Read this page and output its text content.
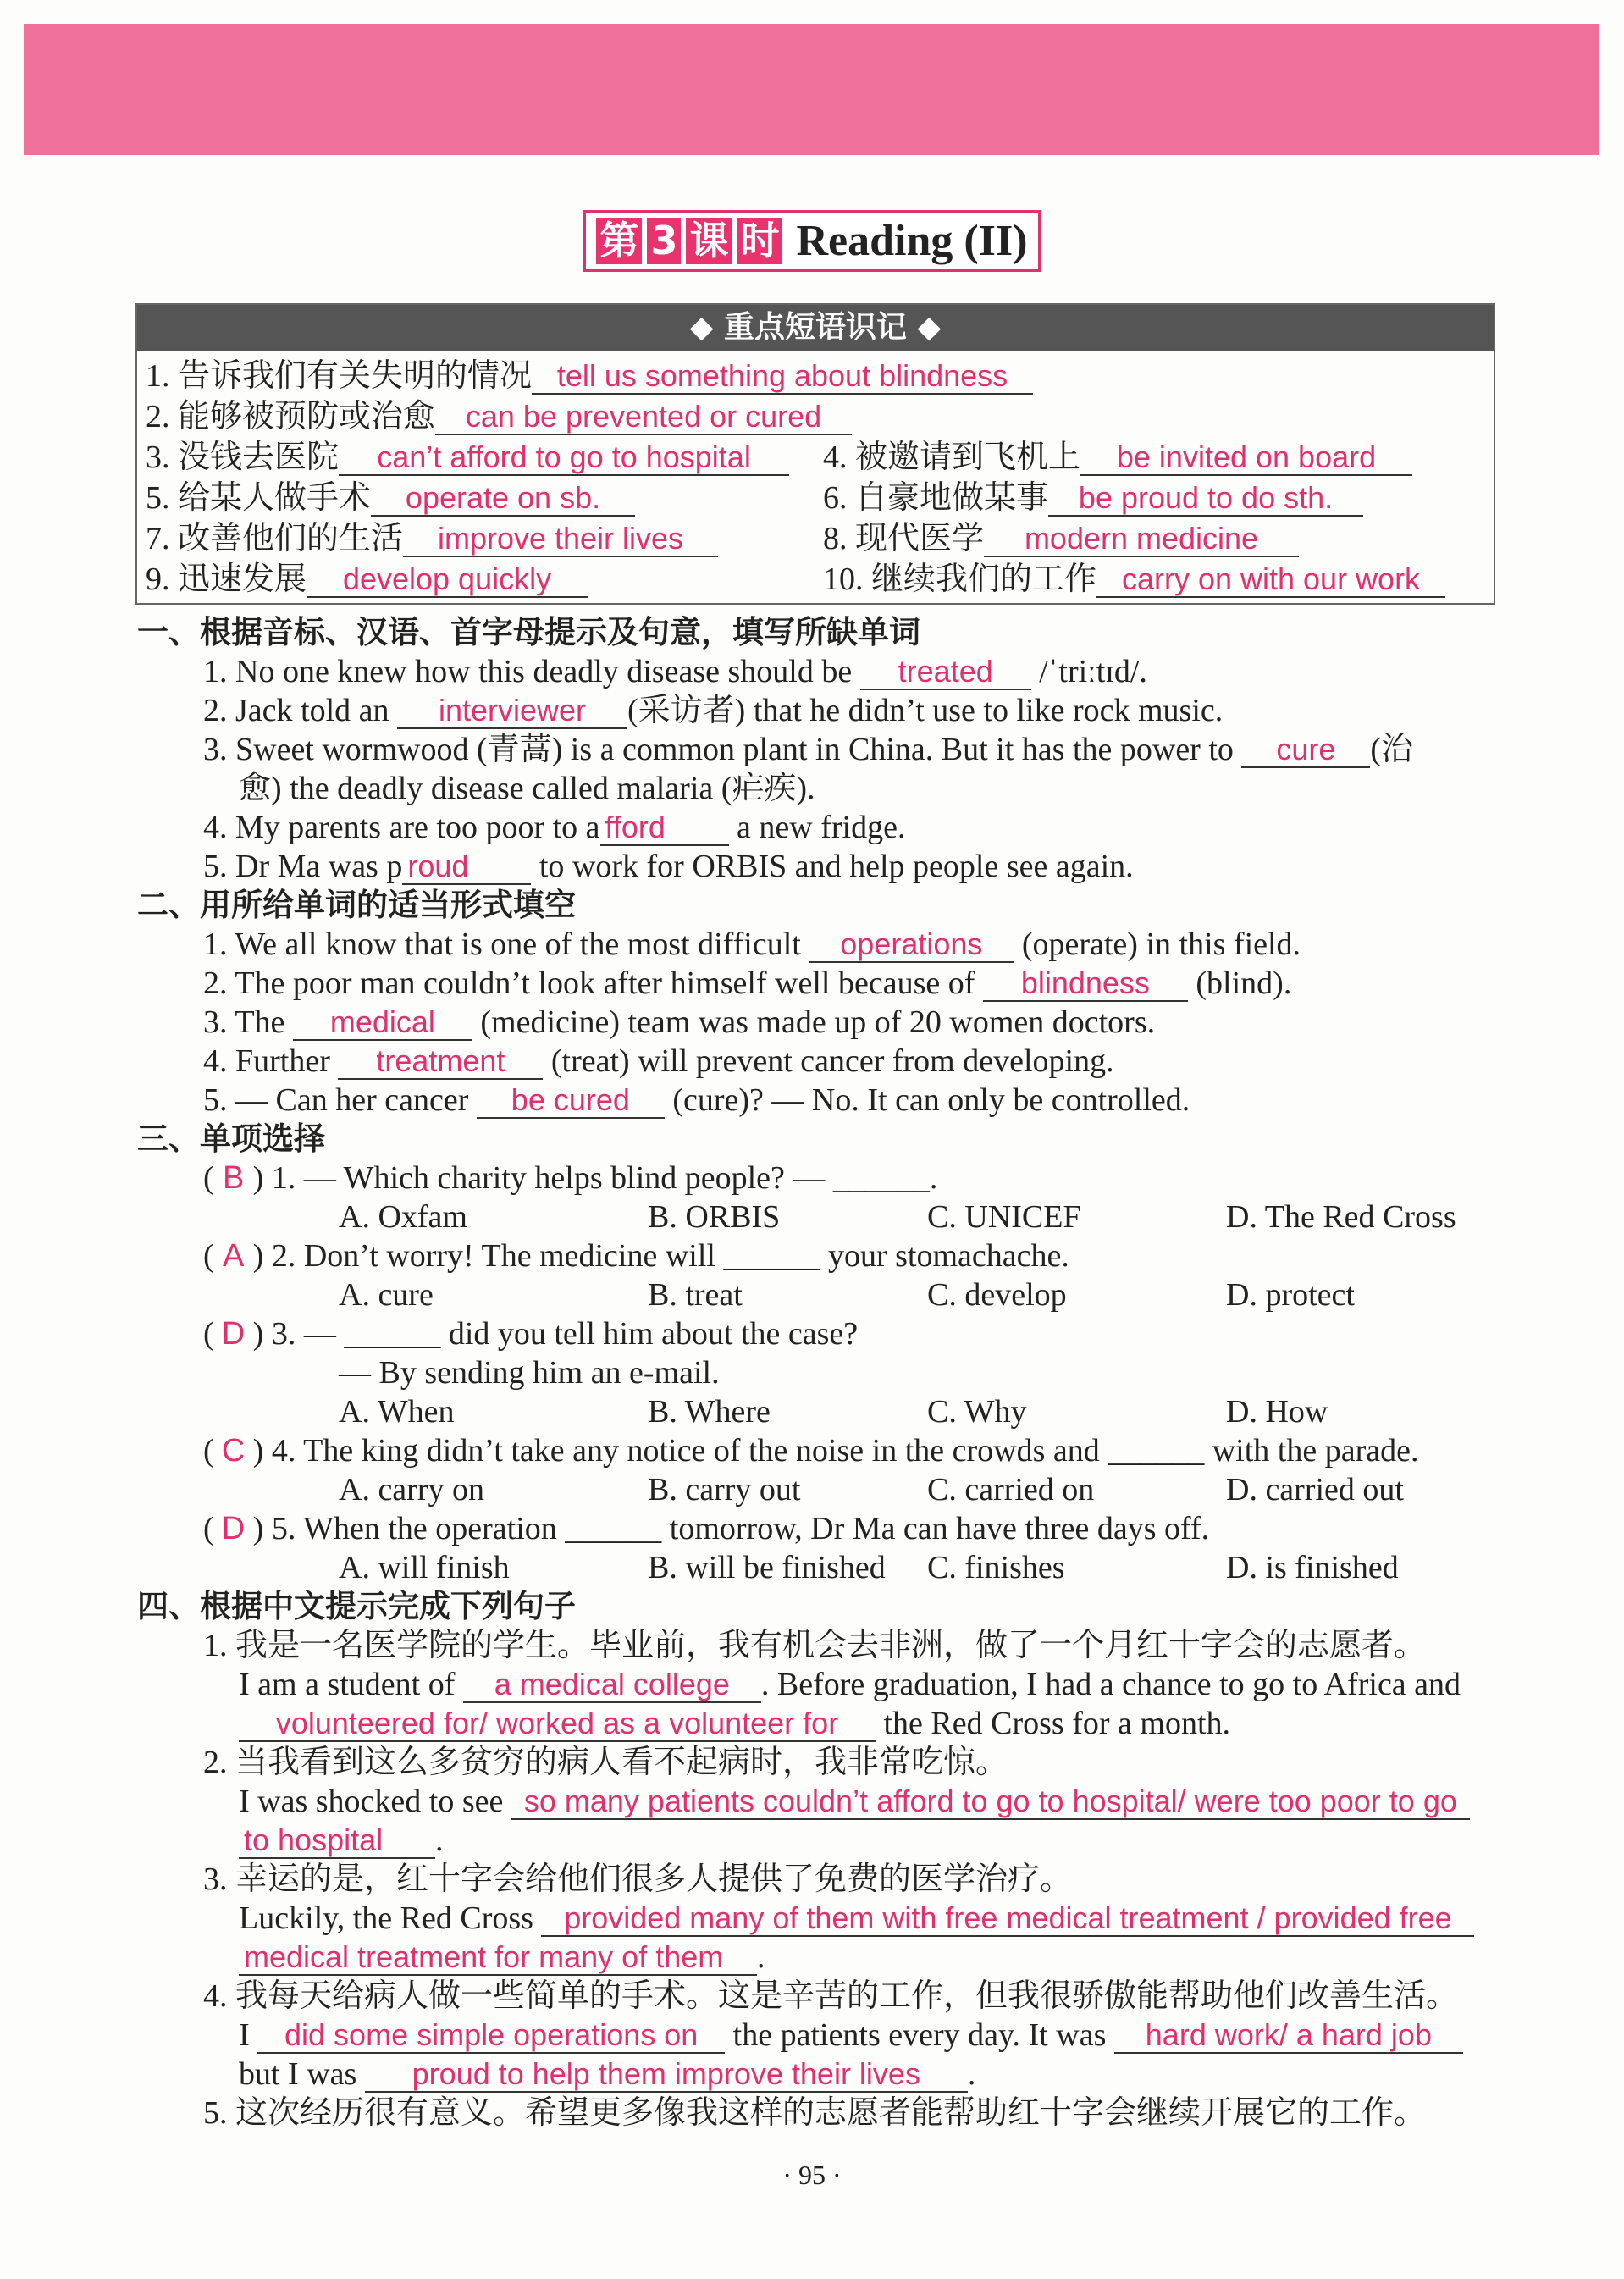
第 3 课 时 Reading (II)
◆ 重点短语识记 ◆
1. 告诉我们有关失明的情况 tell us something about blindness
2. 能够被预防或治愈 can be prevented or cured
3. 没钱去医院 can’t afford to go to hospital	4. 被邀请到飞机上 be invited on board
5. 给某人做手术 operate on sb.	6. 自豪地做某事 be proud to do sth.
7. 改善他们的生活 improve their lives	8. 现代医学 modern medicine
9. 迅速发展 develop quickly	10. 继续我们的工作 carry on with our work
一、根据音标、汉语、首字母提示及句意，填写所缺单词
1. No one knew how this deadly disease should be treated /ˈtriːtɪd/.
2. Jack told an interviewer (采访者) that he didn’t use to like rock music.
3. Sweet wormwood (青蒿) is a common plant in China. But it has the power to cure (治
愈) the deadly disease called malaria (疟疾).
4. My parents are too poor to a fford a new fridge.
5. Dr Ma was p roud to work for ORBIS and help people see again.
二、用所给单词的适当形式填空
1. We all know that is one of the most difficult operations (operate) in this field.
2. The poor man couldn’t look after himself well because of blindness (blind).
3. The medical (medicine) team was made up of 20 women doctors.
4. Further treatment (treat) will prevent cancer from developing.
5. — Can her cancer be cured (cure)? — No. It can only be controlled.
三、单项选择
( B ) 1. — Which charity helps blind people? — ______.
A. Oxfam	B. ORBIS	C. UNICEF	D. The Red Cross
( A ) 2. Don’t worry! The medicine will ______ your stomachache.
A. cure	B. treat	C. develop	D. protect
( D ) 3. — ______ did you tell him about the case?
— By sending him an e-mail.
A. When	B. Where	C. Why	D. How
( C ) 4. The king didn’t take any notice of the noise in the crowds and ______ with the parade.
A. carry on	B. carry out	C. carried on	D. carried out
( D ) 5. When the operation ______ tomorrow, Dr Ma can have three days off.
A. will finish	B. will be finished C. finishes	D. is finished
四、根据中文提示完成下列句子
1. 我是一名医学院的学生。毕业前，我有机会去非洲，做了一个月红十字会的志愿者。
I am a student of a medical college . Before graduation, I had a chance to go to Africa and
volunteered for/ worked as a volunteer for the Red Cross for a month.
2. 当我看到这么多贫穷的病人看不起病时，我非常吃惊。
I was shocked to see so many patients couldn’t afford to go to hospital/ were too poor to go
to hospital .
3. 幸运的是，红十字会给他们很多人提供了免费的医学治疗。
Luckily, the Red Cross provided many of them with free medical treatment / provided free
medical treatment for many of them .
4. 我每天给病人做一些简单的手术。这是辛苦的工作，但我很骄傲能帮助他们改善生活。
I did some simple operations on the patients every day. It was hard work/ a hard job
but I was proud to help them improve their lives .
5. 这次经历很有意义。希望更多像我这样的志愿者能帮助红十字会继续开展它的工作。
· 95 ·
